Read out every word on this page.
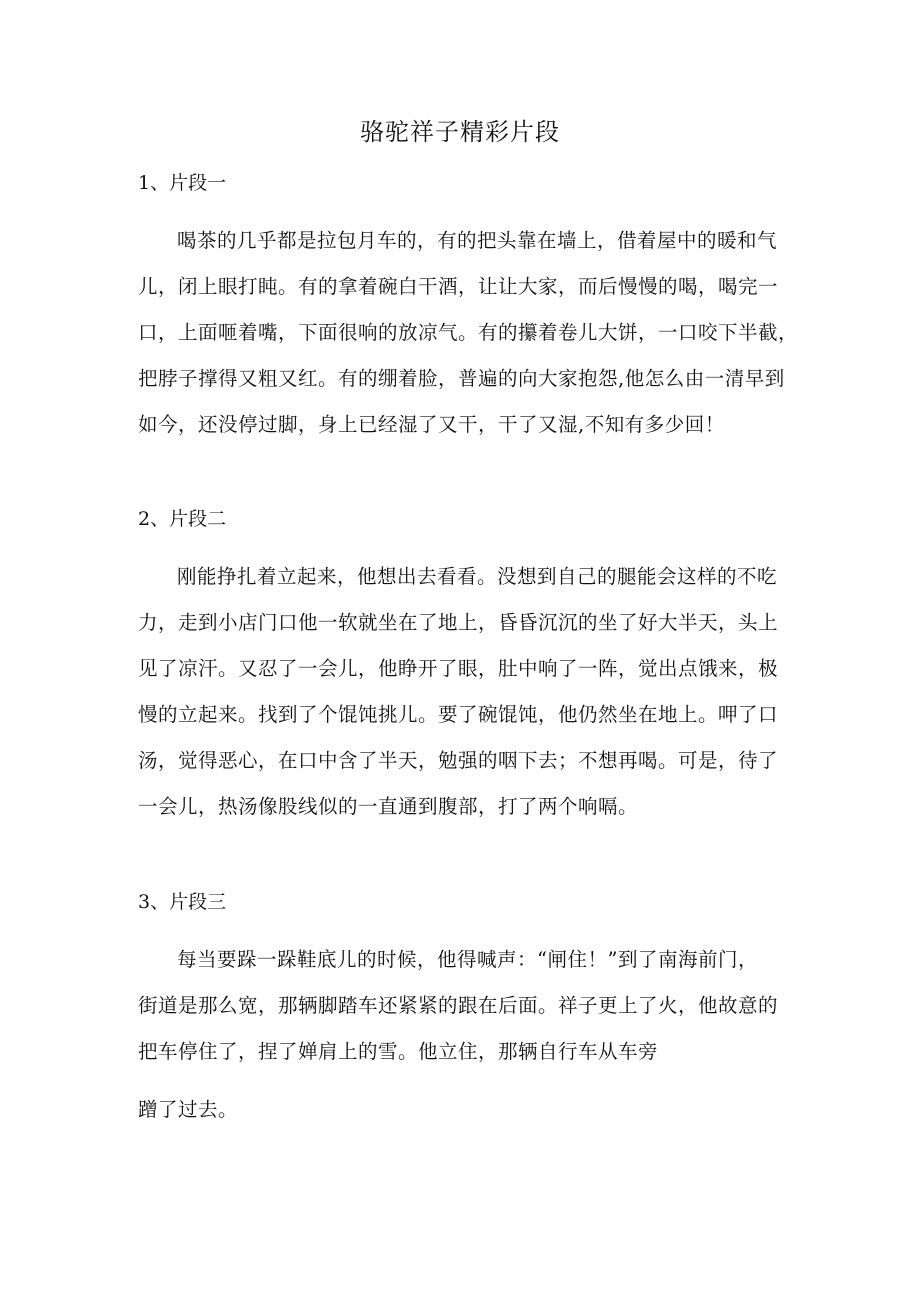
骆驼祥子精彩片段
1、片段一
喝茶的几乎都是拉包月车的，有的把头靠在墙上，借着屋中的暖和气
儿，闭上眼打盹。有的拿着碗白干酒，让让大家，而后慢慢的喝，喝完一
口，上面咂着嘴，下面很响的放凉气。有的攥着卷儿大饼，一口咬下半截，
把脖子撑得又粗又红。有的绷着脸，普遍的向大家抱怨,他怎么由一清早到
如今，还没停过脚，身上已经湿了又干，干了又湿,不知有多少回！
2、片段二
刚能挣扎着立起来，他想出去看看。没想到自己的腿能会这样的不吃
力，走到小店门口他一软就坐在了地上，昏昏沉沉的坐了好大半天，头上
见了凉汗。又忍了一会儿，他睁开了眼，肚中响了一阵，觉出点饿来，极
慢的立起来。找到了个馄饨挑儿。要了碗馄饨，他仍然坐在地上。呷了口
汤，觉得恶心，在口中含了半天，勉强的咽下去；不想再喝。可是，待了
一会儿，热汤像股线似的一直通到腹部，打了两个响嗝。
3、片段三
每当要跺一跺鞋底儿的时候，他得喊声：“闸住！”到了南海前门，
街道是那么宽，那辆脚踏车还紧紧的跟在后面。祥子更上了火，他故意的
把车停住了，捏了婵肩上的雪。他立住，那辆自行车从车旁
蹭了过去。
